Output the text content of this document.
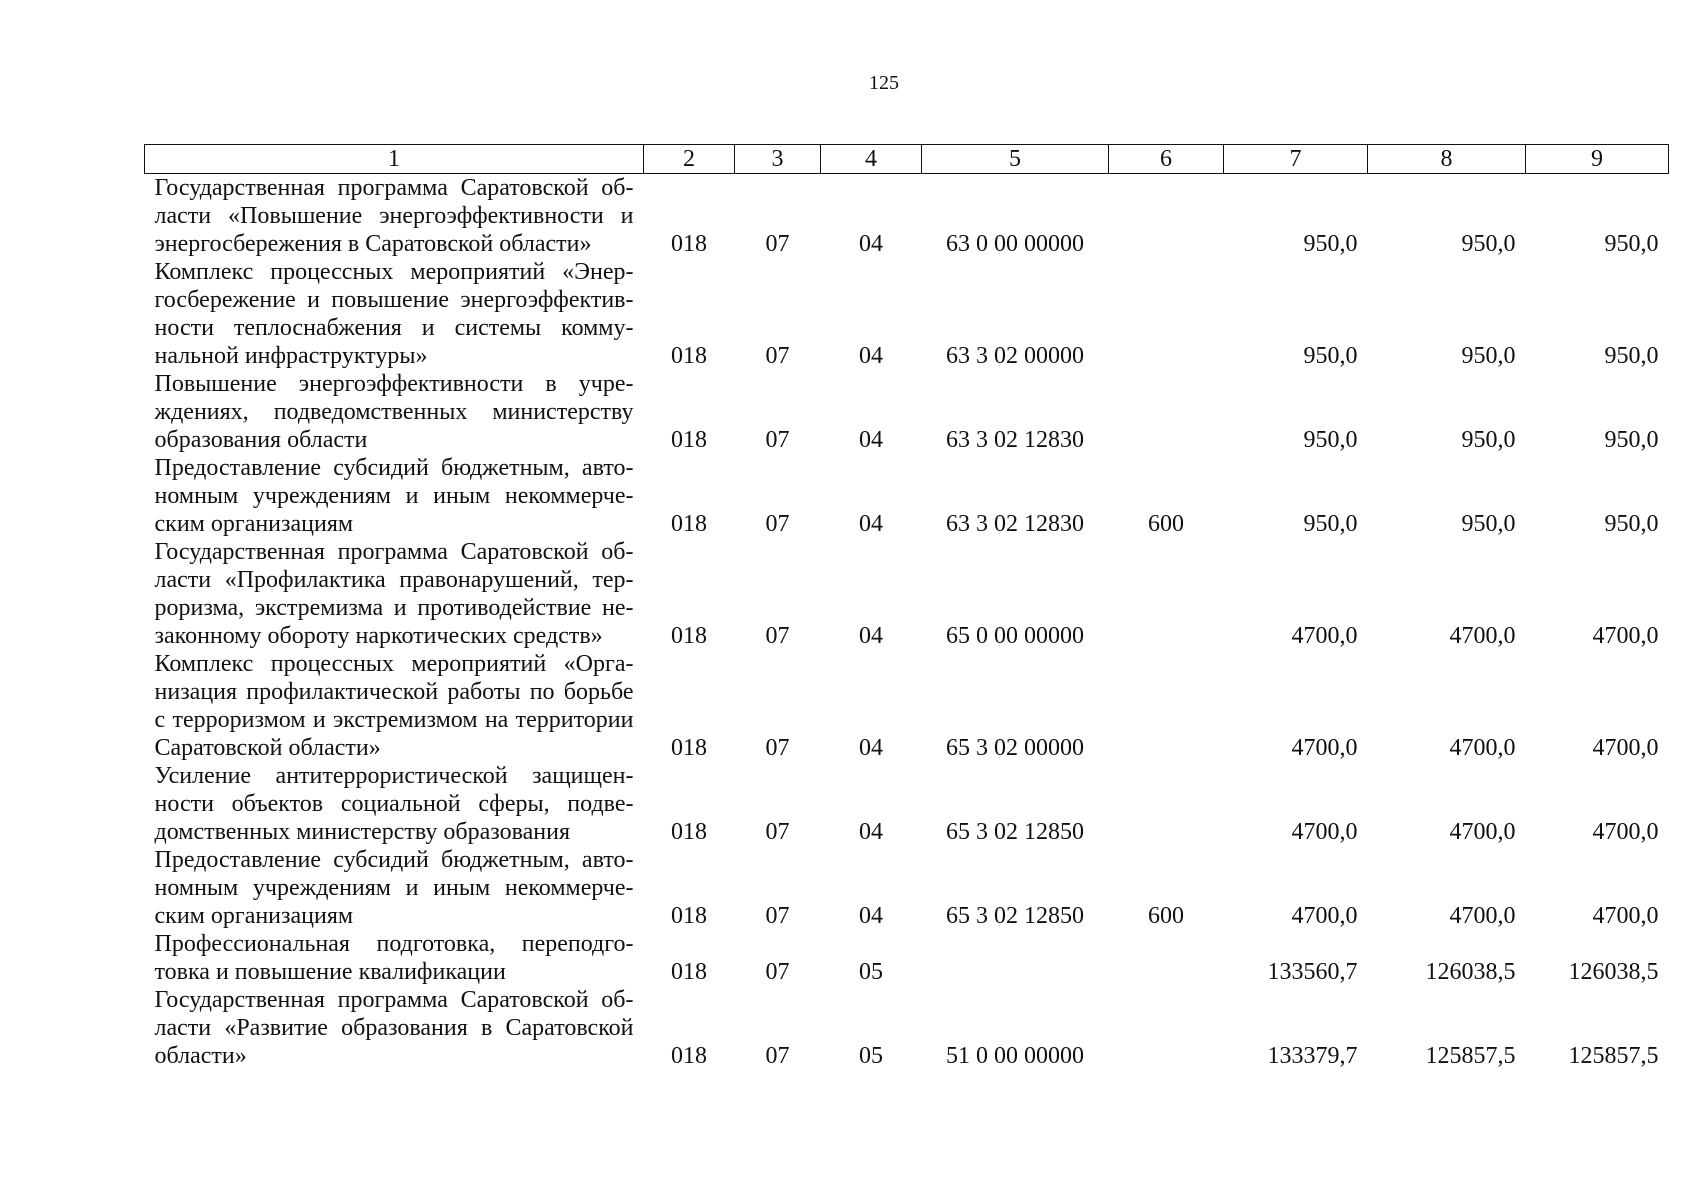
125
1	2	3	4	5	6	7	8	9
Государственная программа Саратовской области «Повышение энергоэффективности и энергосбережения в Саратовской области»	018	07	04	63 0 00 00000		950,0	950,0	950,0
Комплекс процессных мероприятий «Энергосбережение и повышение энергоэффективности теплоснабжения и системы коммунальной инфраструктуры»	018	07	04	63 3 02 00000		950,0	950,0	950,0
Повышение энергоэффективности в учреждениях, подведомственных министерству образования области	018	07	04	63 3 02 12830		950,0	950,0	950,0
Предоставление субсидий бюджетным, автономным учреждениям и иным некоммерческим организациям	018	07	04	63 3 02 12830	600	950,0	950,0	950,0
Государственная программа Саратовской области «Профилактика правонарушений, терроризма, экстремизма и противодействие незаконному обороту наркотических средств»	018	07	04	65 0 00 00000		4700,0	4700,0	4700,0
Комплекс процессных мероприятий «Организация профилактической работы по борьбе с терроризмом и экстремизмом на территории Саратовской области»	018	07	04	65 3 02 00000		4700,0	4700,0	4700,0
Усиление антитеррористической защищенности объектов социальной сферы, подведомственных министерству образования	018	07	04	65 3 02 12850		4700,0	4700,0	4700,0
Предоставление субсидий бюджетным, автономным учреждениям и иным некоммерческим организациям	018	07	04	65 3 02 12850	600	4700,0	4700,0	4700,0
Профессиональная подготовка, переподготовка и повышение квалификации	018	07	05			133560,7	126038,5	126038,5
Государственная программа Саратовской области «Развитие образования в Саратовской области»	018	07	05	51 0 00 00000		133379,7	125857,5	125857,5
